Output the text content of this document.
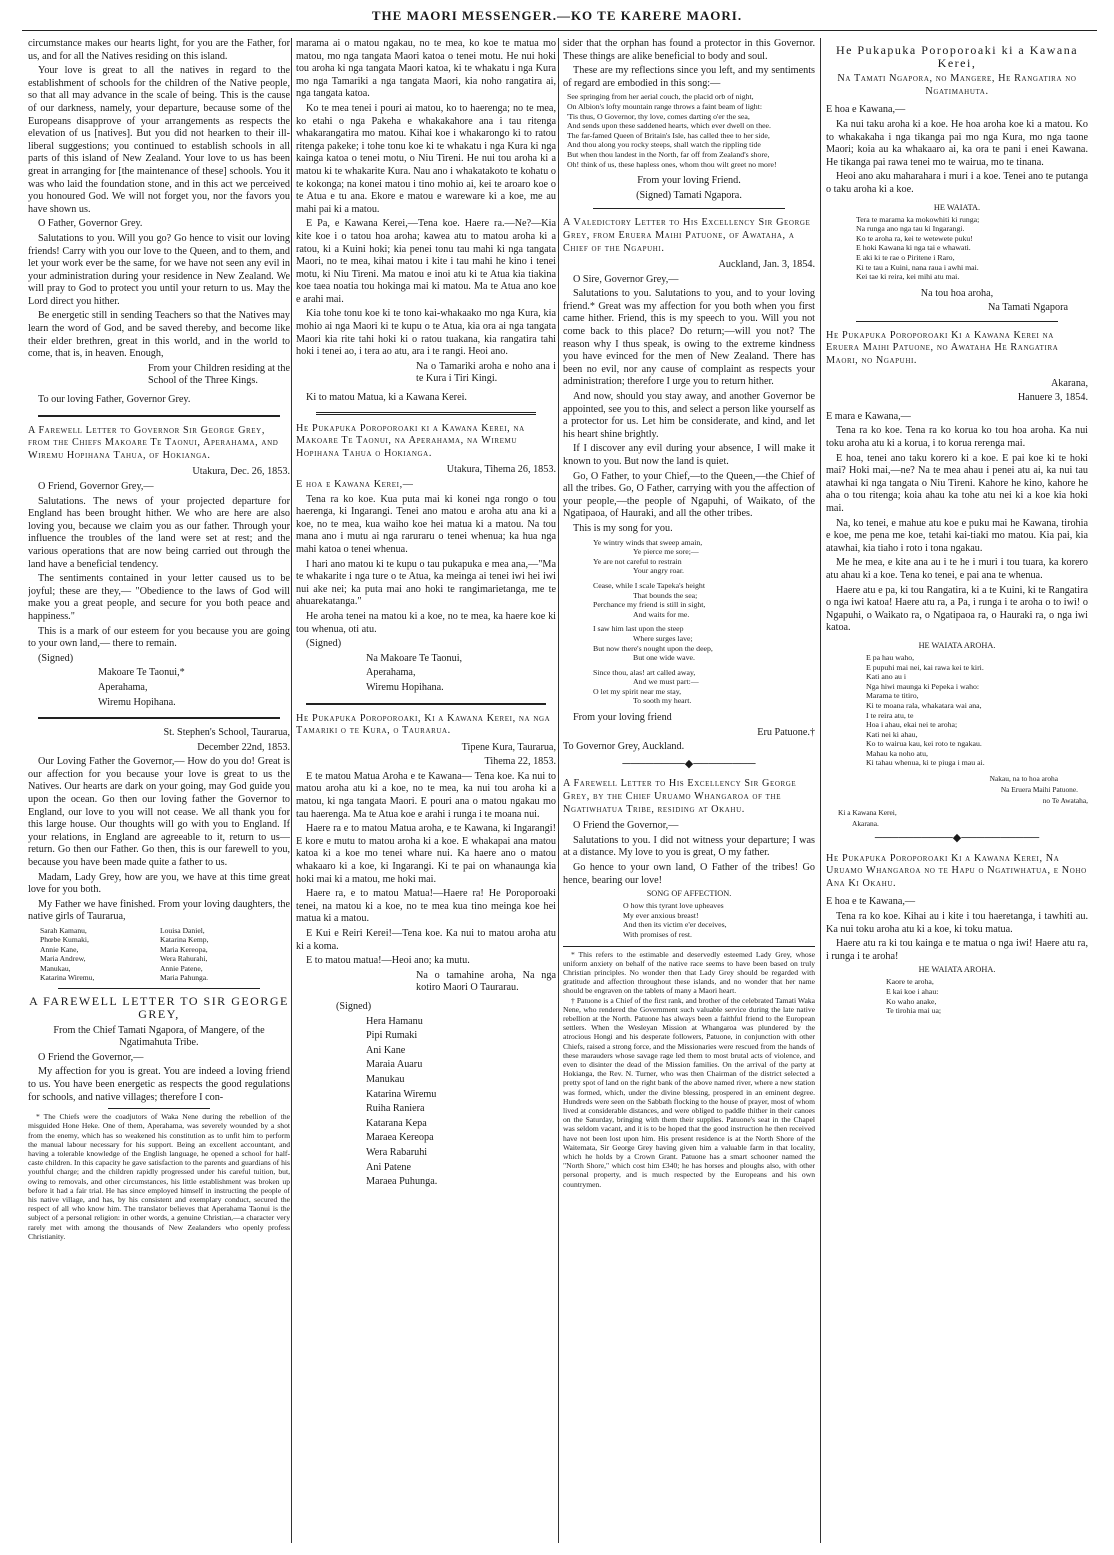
THE MAORI MESSENGER.—KO TE KARERE MAORI.

circumstance makes our hearts light, for you are the Father, for us, and for all the Natives residing on this island.

Your love is great to all the natives in regard to the establishment of schools for the children of the Native people, so that all may advance in the scale of being. This is the cause of our darkness, namely, your departure, because some of the Europeans disapprove of your arrangements as respects the elevation of us [natives]. But you did not hearken to their ill-liberal suggestions; you continued to establish schools in all parts of this island of New Zealand. Your love to us has been great in arranging for [the maintenance of these] schools. You it was who laid the foundation stone, and in this act we perceived you honoured God. We will not forget you, nor the favors you have shown us.

O Father, Governor Grey.

Salutations to you. Will you go? Go hence to visit our loving friends! Carry with you our love to the Queen, and to them, and let your work ever be the same, for we have not seen any evil in your administration during your residence in New Zealand. We will pray to God to protect you until your return to us. May the Lord direct you hither.

Be energetic still in sending Teachers so that the Natives may learn the word of God, and be saved thereby, and become like their elder brethren, great in this world, and in the world to come, that is, in heaven. Enough,

From your Children residing at the School of the Three Kings.

To our loving Father, Governor Grey.

A Farewell Letter to Governor Sir George Grey, from the Chiefs Makoare Te Taonui, Aperahama, and Wiremu Hopihana Tahua, of Hokianga.

Utakura, Dec. 26, 1853.

O Friend, Governor Grey,—

Salutations. The news of your projected departure for England has been brought hither. We who are here are also loving you, because we claim you as our father. Through your influence the troubles of the land were set at rest; and the various operations that are now being carried out through the land have a beneficial tendency.

The sentiments contained in your letter caused us to be joyful; these are they,— "Obedience to the laws of God will make you a great people, and secure for you both peace and happiness."

This is a mark of our esteem for you because you are going to your own land,— there to remain.

(Signed)

Makoare Te Taonui,*

Aperahama,

Wiremu Hopihana.

St. Stephen's School, Taurarua,

December 22nd, 1853.

Our Loving Father the Governor,— How do you do! Great is our affection for you because your love is great to us the Natives. Our hearts are dark on your going, may God guide you upon the ocean. Go then our loving father the Governor to England, our love to you will not cease. We all thank you for this large house. Our thoughts will go with you to England. If your relations, in England are agreeable to it, return to us—return. Go then our Father. Go then, this is our farewell to you, because you have been made quite a father to us.

Madam, Lady Grey, how are you, we have at this time great love for you both.

My Father we have finished. From your loving daughters, the native girls of Taurarua,

Sarah Kamanu,
Phœbe Kumaki,
Annie Kane,
Maria Andrew,
Manukau,
Katarina Wiremu,
Louisa Daniel,
Katarina Kemp,
Maria Kereopa,
Wera Rahurahi,
Annie Patene,
Maria Pahunga.

A FAREWELL LETTER TO SIR GEORGE GREY,

From the Chief Tamati Ngapora, of Mangere, of the Ngatimahuta Tribe.

O Friend the Governor,—

My affection for you is great. You are indeed a loving friend to us. You have been energetic as respects the good regulations for schools, and native villages; therefore I con-

* The Chiefs were the coadjutors of Waka Nene during the rebellion of the misguided Hone Heke. One of them, Aperahama, was severely wounded by a shot from the enemy, which has so weakened his constitution as to unfit him to perform the manual labour necessary for his support. Being an excellent accountant, and having a tolerable knowledge of the English language, he opened a school for half-caste children. In this capacity he gave satisfaction to the parents and guardians of his youthful charge; and the children rapidly progressed under his careful tuition, but, owing to removals, and other circumstances, his little establishment was broken up before it had a fair trial. He has since employed himself in instructing the people of his native village, and has, by his consistent and exemplary conduct, secured the respect of all who know him. The translator believes that Aperahama Taonui is the subject of a personal religion: in other words, a genuine Christian,—a character very rarely met with among the thousands of New Zealanders who openly profess Christianity.

marama ai o matou ngakau, no te mea, ko koe te matua mo matou, mo nga tangata Maori katoa o tenei motu. He nui hoki tou aroha ki nga tangata Maori katoa, ki te whakatu i nga Kura mo nga Tamariki a nga tangata Maori, kia noho rangatira ai, nga tangata katoa.

Ko te mea tenei i pouri ai matou, ko to haerenga; no te mea, ko etahi o nga Pakeha e whakakahore ana i tau ritenga whakarangatira mo matou. Kihai koe i whakarongo ki to ratou ritenga pakeke; i tohe tonu koe ki te whakatu i nga Kura ki nga kainga katoa o tenei motu, o Niu Tireni. He nui tou aroha ki a matou ki te whakarite Kura. Nau ano i whakatakoto te kohatu o te kokonga; na konei matou i tino mohio ai, kei te aroaro koe o te Atua e tu ana. Ekore e matou e wareware ki a koe, me au mahi pai ki a matou.

E Pa, e Kawana Kerei,—Tena koe. Haere ra.—Ne?—Kia kite koe i o tatou hoa aroha; kawea atu to matou aroha ki a ratou, ki a Kuini hoki; kia penei tonu tau mahi ki nga tangata Maori, no te mea, kihai matou i kite i tau mahi he kino i tenei motu, ki Niu Tireni. Ma matou e inoi atu ki te Atua kia tiakina koe taea noatia tou hokinga mai ki matou. Ma te Atua ano koe e arahi mai.

Kia tohe tonu koe ki te tono kai-whakaako mo nga Kura, kia mohio ai nga Maori ki te kupu o te Atua, kia ora ai nga tangata Maori kia rite tahi hoki ki o ratou tuakana, kia rangatira tahi hoki i tenei ao, i tera ao atu, ara i te rangi. Heoi ano.

Na o Tamariki aroha e noho ana i te Kura i Tiri Kingi.

Ki to matou Matua, ki a Kawana Kerei.

He Pukapuka Poroporoaki ki a Kawana Kerei, na Makoare Te Taonui, na Aperahama, na Wiremu Hopihana Tahua o Hokianga.

Utakura, Tihema 26, 1853.

E hoa e Kawana Kerei,—

Tena ra ko koe. Kua puta mai ki konei nga rongo o tou haerenga, ki Ingarangi. Tenei ano matou e aroha atu ana ki a koe, no te mea, kua waiho koe hei matua ki a matou. Na tou mana ano i mutu ai nga raruraru o tenei whenua; ka hua nga mahi katoa o tenei whenua.

I hari ano matou ki te kupu o tau pukapuka e mea ana,—"Ma te whakarite i nga ture o te Atua, ka meinga ai tenei iwi hei iwi nui ake nei; ka puta mai ano hoki te rangimarietanga, me te ahuarekatanga."

He aroha tenei na matou ki a koe, no te mea, ka haere koe ki tou whenua, oti atu.

(Signed)

Na Makoare Te Taonui,

Aperahama,

Wiremu Hopihana.

He Pukapuka Poroporoaki, Ki a Kawana Kerei, na nga Tamariki o te Kura, o Taurarua.

Tipene Kura, Taurarua,

Tihema 22, 1853.

E te matou Matua Aroha e te Kawana— Tena koe. Ka nui to matou aroha atu ki a koe, no te mea, ka nui tou aroha ki a matou, ki nga tangata Maori. E pouri ana o matou ngakau mo tau haerenga. Ma te Atua koe e arahi i runga i te moana nui.

Haere ra e to matou Matua aroha, e te Kawana, ki Ingarangi! E kore e mutu to matou aroha ki a koe. E whakapai ana matou katoa ki a koe mo tenei whare nui. Ka haere ano o matou whakaaro ki a koe, ki Ingarangi. Ki te pai on whanaunga kia hoki mai ki a matou, me hoki mai.

Haere ra, e to matou Matua!—Haere ra! He Poroporoaki tenei, na matou ki a koe, no te mea kua tino meinga koe hei matua ki a matou.

E Kui e Reiri Kerei!—Tena koe. Ka nui to matou aroha atu ki a koma.

E to matou matua!—Heoi ano; ka mutu.

Na o tamahine aroha, Na nga kotiro Maori O Taurarau.

(Signed)

Hera Hamanu

Pipi Rumaki

Ani Kane

Maraia Auaru

Manukau

Katarina Wiremu

Ruiha Raniera

Katarana Kepa

Maraea Kereopa

Wera Rabaruhi

Ani Patene

Maraea Puhunga.

sider that the orphan has found a protector in this Governor. These things are alike beneficial to body and soul.

These are my reflections since you left, and my sentiments of regard are embodied in this song:—

See springing from her aerial couch, the placid orb of night,
On Albion's lofty mountain range throws a faint beam of light:
'Tis thus, O Governor, thy love, comes darting o'er the sea,
And sends upon these saddened hearts, which ever dwell on thee.
The far-famed Queen of Britain's Isle, has called thee to her side,
And thou along you rocky steeps, shall watch the rippling tide
But when thou landest in the North, far off from Zealand's shore,
Oh! think of us, these hapless ones, whom thou wilt greet no more!

From your loving Friend.

(Signed) Tamati Ngapora.

A Valedictory Letter to His Excellency Sir George Grey, from Eruera Maihi Patuone, of Awataha, a Chief of the Ngapuhi.

Auckland, Jan. 3, 1854.

O Sire, Governor Grey,—

Salutations to you. Salutations to you, and to your loving friend.* Great was my affection for you both when you first came hither. Friend, this is my speech to you. Will you not come back to this place? Do return;—will you not? The reason why I thus speak, is owing to the extreme kindness you have evinced for the men of New Zealand. There has been no evil, nor any cause of complaint as respects your administration; therefore I urge you to return hither.

And now, should you stay away, and another Governor be appointed, see you to this, and select a person like yourself as a protector for us. Let him be considerate, and kind, and let his heart shine brightly.

If I discover any evil during your absence, I will make it known to you. But now the land is quiet.

Go, O Father, to your Chief,—to the Queen,—the Chief of all the tribes. Go, O Father, carrying with you the affection of your people,—the people of Ngapuhi, of Waikato, of the Ngatipaoa, of Hauraki, and all the other tribes.

This is my song for you.

Ye wintry winds that sweep amain,
Ye pierce me sore;—
Ye are not careful to restrain
Your angry roar.
Cease, while I scale Tapeka's height
That bounds the sea;
Perchance my friend is still in sight,
And waits for me.
I saw him last upon the steep
Where surges lave;
But now there's nought upon the deep,
But one wide wave.
Since thou, alas! art called away,
And we must part:—
O let my spirit near me stay,
To sooth my heart.

From your loving friend

Eru Patuone.†

To Governor Grey, Auckland.

────────◆────────

A Farewell Letter to His Excellency Sir George Grey, by the Chief Uruamo Whangaroa of the Ngatiwhatua Tribe, residing at Okahu.

O Friend the Governor,—

Salutations to you. I did not witness your departure; I was at a distance. My love to you is great, O my father.

Go hence to your own land, O Father of the tribes! Go hence, bearing our love!

SONG OF AFFECTION.

O how this tyrant love upheaves
My ever anxious breast!
And then its victim e'er deceives,
With promises of rest.

* This refers to the estimable and deservedly esteemed Lady Grey, whose uniform anxiety on behalf of the native race seems to have been based on truly Christian principles. No wonder then that Lady Grey should be regarded with gratitude and affection throughout these islands, and no wonder that her name should be engraven on the tablets of many a Maori heart.

† Patuone is a Chief of the first rank, and brother of the celebrated Tamati Waka Nene, who rendered the Government such valuable service during the late native rebellion at the North. Patuone has always been a faithful friend to the European settlers. When the Wesleyan Mission at Whangaroa was plundered by the atrocious Hongi and his desperate followers, Patuone, in conjunction with other Chiefs, raised a strong force, and the Missionaries were rescued from the hands of these marauders whose savage rage led them to most brutal acts of violence, and even to disinter the dead of the Mission families. On the arrival of the party at Hokianga, the Rev. N. Turner, who was then Chairman of the district selected a pretty spot of land on the right bank of the above named river, where a new station was formed, which, under the divine blessing, prospered in an eminent degree. Hundreds were seen on the Sabbath flocking to the house of prayer, most of whom lived at considerable distances, and were obliged to paddle thither in their canoes on the Saturday, bringing with them their supplies. Patuone's seat in the Chapel was seldom vacant, and it is to be hoped that the good instruction he then received have not been lost upon him. His present residence is at the North Shore of the Waitemata, Sir George Grey having given him a valuable farm in that locality, which he holds by a Crown Grant. Patuone has a smart schooner named the "North Shore," which cost him £340; he has horses and ploughs also, with other personal property, and is much respected by the Europeans and his own countrymen.

He Pukapuka Poroporoaki ki a Kawana Kerei,

Na Tamati Ngapora, no Mangere, He Rangatira no Ngatimahuta.

E hoa e Kawana,—

Ka nui taku aroha ki a koe. He hoa aroha koe ki a matou. Ko to whakakaha i nga tikanga pai mo nga Kura, mo nga taone Maori; koia au ka whakaaro ai, ka ora te pani i enei Kawana. He tikanga pai rawa tenei mo te wairua, mo te tinana.

Heoi ano aku maharahara i muri i a koe. Tenei ano te putanga o taku aroha ki a koe.

HE WAIATA.

Tera te marama ka mokowhiti ki runga;
Na runga ano nga tau ki Ingarangi.
Ko te aroha ra, kei te wetewete puku!
E hoki Kawana ki nga tai e whawati.
E aki ki te rae o Piritene i Raro,
Ki te tau a Kuini, nana raua i awhi mai.
Kei tae ki reira, kei mihi atu mai.

Na tou hoa aroha,

Na Tamati Ngapora

He Pukapuka Poroporoaki Ki a Kawana Kerei na Eruera Maihi Patuone, no Awataha He Rangatira Maori, no Ngapuhi.

Akarana,

Hanuere 3, 1854.

E mara e Kawana,—

Tena ra ko koe. Tena ra ko korua ko tou hoa aroha. Ka nui toku aroha atu ki a korua, i to korua rerenga mai.

E hoa, tenei ano taku korero ki a koe. E pai koe ki te hoki mai? Hoki mai,—ne? Na te mea ahau i penei atu ai, ka nui tau atawhai ki nga tangata o Niu Tireni. Kahore he kino, kahore he aha o tou ritenga; koia ahau ka tohe atu nei ki a koe kia hoki mai.

Na, ko tenei, e mahue atu koe e puku mai he Kawana, tirohia e koe, me pena me koe, tetahi kai-tiaki mo matou. Kia pai, kia atawhai, kia tiaho i roto i tona ngakau.

Me he mea, e kite ana au i te he i muri i tou tuara, ka korero atu ahau ki a koe. Tena ko tenei, e pai ana te whenua.

Haere atu e pa, ki tou Rangatira, ki a te Kuini, ki te Rangatira o nga iwi katoa! Haere atu ra, a Pa, i runga i te aroha o to iwi! o Ngapuhi, o Waikato ra, o Ngatipaoa ra, o Hauraki ra, o nga iwi katoa.

HE WAIATA AROHA.

E pa hau waho,
E pupuhi mai nei, kai rawa kei te kiri.
Kati ano au i
Nga hiwi maunga ki Pepeka i waho:
Marama te titiro,
Ki te moana rala, whakatara wai ana,
I te reira atu, te
Hoa i ahau, ekai nei te aroha;
Kati nei ki ahau,
Ko to wairua kau, kei roto te ngakau.
Mahau ka noho atu,
Ki tahau whenua, ki te piuga i mau ai.

Nakau, na to hoa aroha

Na Eruera Maihi Patuone.

no Te Awataha,

Ki a Kawana Kerei,

Akarana.

──────────◆──────────

He Pukapuka Poroporoaki Ki a Kawana Kerei, Na Uruamo Whangaroa no te Hapu o Ngatiwhatua, e Noho Ana Ki Okahu.

E hoa e te Kawana,—

Tena ra ko koe. Kihai au i kite i tou haeretanga, i tawhiti au. Ka nui toku aroha atu ki a koe, ki toku matua.

Haere atu ra ki tou kainga e te matua o nga iwi! Haere atu ra, i runga i te aroha!

HE WAIATA AROHA.

Kaore te aroha,
E kai koe i ahau:
Ko waho anake,
Te tirohia mai ua;
